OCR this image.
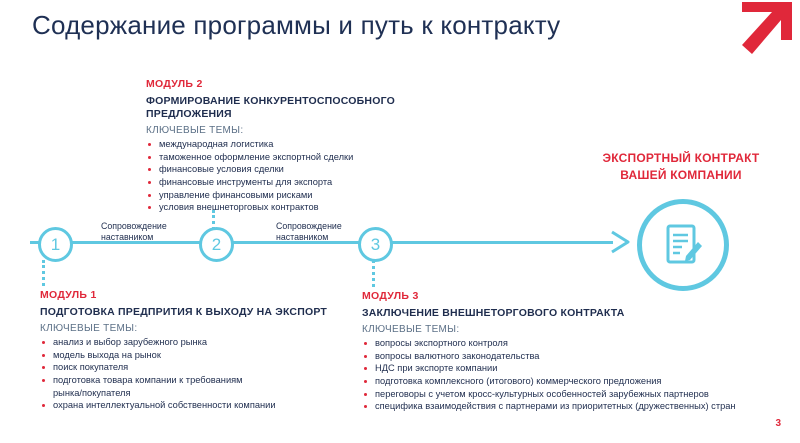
Содержание программы и путь к контракту
МОДУЛЬ 2
ФОРМИРОВАНИЕ КОНКУРЕНТОСПОСОБНОГО
ПРЕДЛОЖЕНИЯ
КЛЮЧЕВЫЕ ТЕМЫ:
международная логистика
таможенное оформление экспортной сделки
финансовые условия сделки
финансовые инструменты для экспорта
управление финансовыми рисками
условия внешнеторговых контрактов
1	2	3
Сопровождение
наставником
Сопровождение
наставником
ЭКСПОРТНЫЙ КОНТРАКТ
ВАШЕЙ КОМПАНИИ
МОДУЛЬ 1
ПОДГОТОВКА ПРЕДПРИТИЯ К ВЫХОДУ НА ЭКСПОРТ
КЛЮЧЕВЫЕ ТЕМЫ:
анализ и выбор зарубежного рынка
модель выхода на рынок
поиск покупателя
подготовка товара компании к требованиям
рынка/покупателя
охрана интеллектуальной собственности компании
МОДУЛЬ 3
ЗАКЛЮЧЕНИЕ ВНЕШНЕТОРГОВОГО КОНТРАКТА
КЛЮЧЕВЫЕ ТЕМЫ:
вопросы экспортного контроля
вопросы валютного законодательства
НДС при экспорте компании
подготовка комплексного (итогового) коммерческого предложения
переговоры с учетом кросс-культурных особенностей зарубежных партнеров
специфика взаимодействия с партнерами из приоритетных (дружественных) стран
3
